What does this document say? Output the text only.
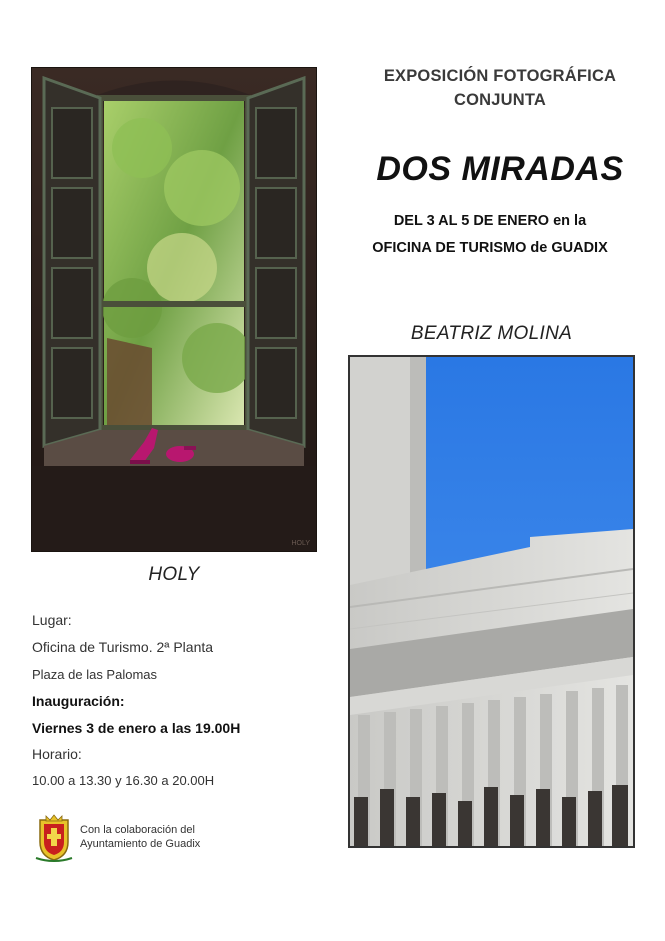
EXPOSICIÓN FOTOGRÁFICA
CONJUNTA
DOS MIRADAS
DEL 3 AL 5 DE ENERO en la
OFICINA DE TURISMO de GUADIX
HOLY
HOLY
BEATRIZ MOLINA
Lugar:
Oficina de Turismo. 2ª Planta
Plaza de las Palomas
Inauguración:
Viernes 3 de enero a las 19.00H
Horario:
10.00 a 13.30 y 16.30 a 20.00H
Con la colaboración del
Ayuntamiento de Guadix
